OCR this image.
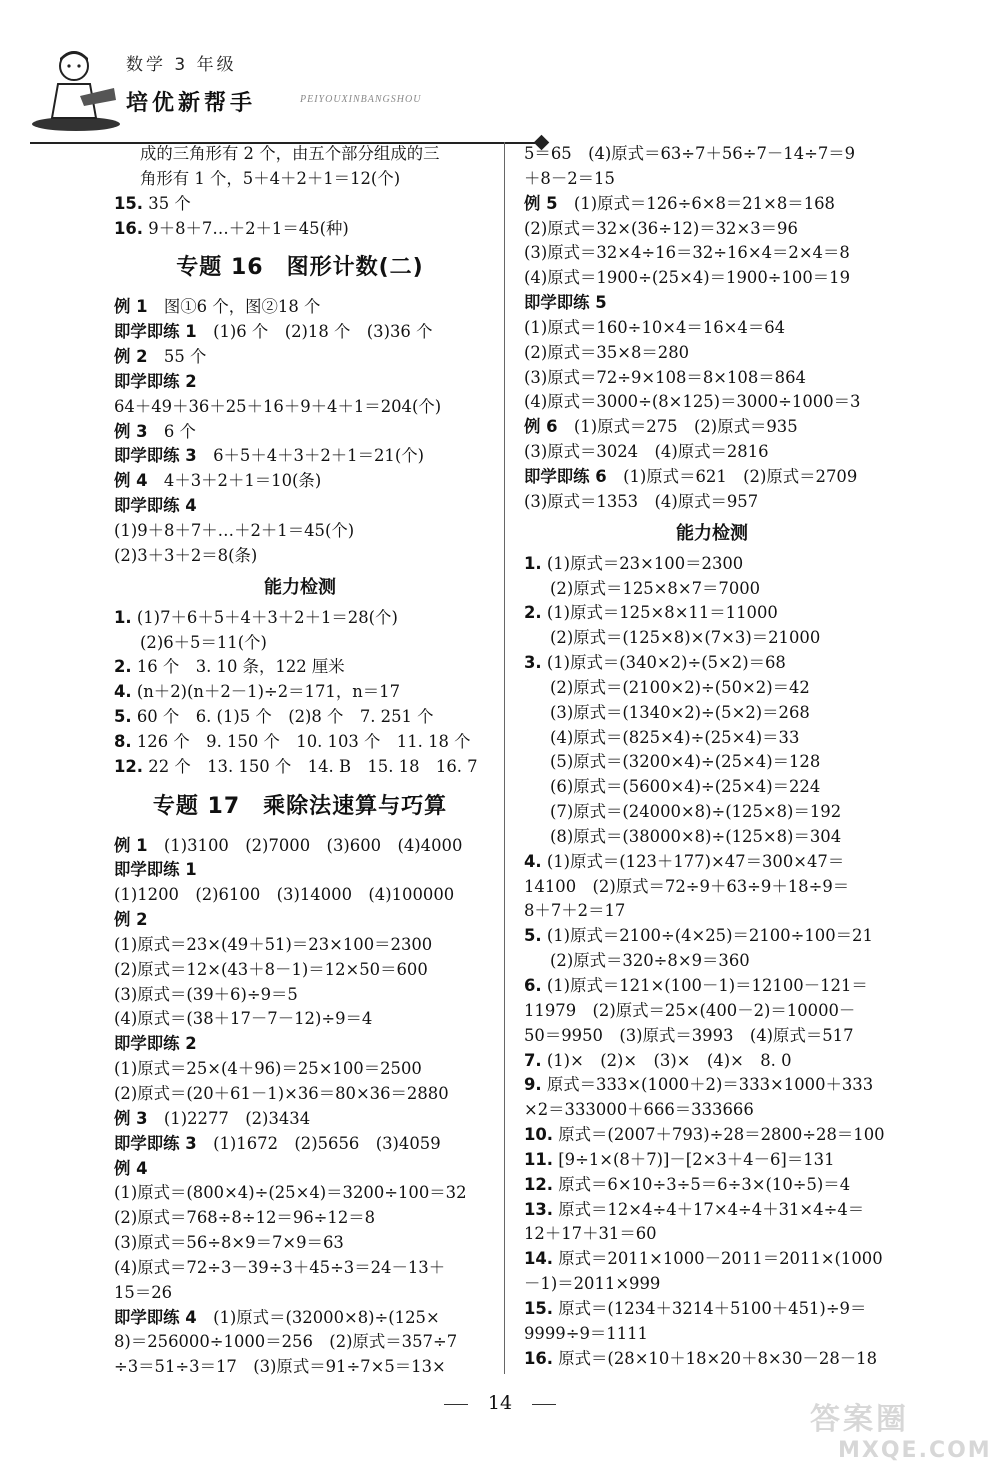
数学 3 年级
培优新帮手	PEIYOUXINBANGSHOU
成的三角形有 2 个，由五个部分组成的三
角形有 1 个，5＋4＋2＋1＝12(个)
15. 35 个
16. 9＋8＋7…＋2＋1＝45(种)
专题 16　图形计数(二)
例 1　 图①6 个，图②18 个
即学即练 1　 (1)6 个　(2)18 个　(3)36 个
例 2　 55 个
即学即练 2　
64＋49＋36＋25＋16＋9＋4＋1＝204(个)
例 3　 6 个
即学即练 3　 6＋5＋4＋3＋2＋1＝21(个)
例 4　 4＋3＋2＋1＝10(条)
即学即练 4　
(1)9＋8＋7＋…＋2＋1＝45(个)
(2)3＋3＋2＝8(条)
能力检测
1. (1)7＋6＋5＋4＋3＋2＋1＝28(个)
(2)6＋5＝11(个)
2. 16 个　3. 10 条，122 厘米
4. (n＋2)(n＋2－1)÷2＝171，n＝17
5. 60 个　6. (1)5 个　(2)8 个　7. 251 个
8. 126 个　9. 150 个　10. 103 个　11. 18 个
12. 22 个　13. 150 个　14. B　15. 18　16. 7
专题 17　乘除法速算与巧算
例 1　 (1)3100　(2)7000　(3)600　(4)4000
即学即练 1　
(1)1200　(2)6100　(3)14000　(4)100000
例 2　
(1)原式＝23×(49＋51)＝23×100＝2300
(2)原式＝12×(43＋8－1)＝12×50＝600
(3)原式＝(39＋6)÷9＝5
(4)原式＝(38＋17－7－12)÷9＝4
即学即练 2　
(1)原式＝25×(4＋96)＝25×100＝2500
(2)原式＝(20＋61－1)×36＝80×36＝2880
例 3　 (1)2277　(2)3434
即学即练 3　 (1)1672　(2)5656　(3)4059
例 4　
(1)原式＝(800×4)÷(25×4)＝3200÷100＝32
(2)原式＝768÷8÷12＝96÷12＝8
(3)原式＝56÷8×9＝7×9＝63
(4)原式＝72÷3－39÷3＋45÷3＝24－13＋
15＝26
即学即练 4　 (1)原式＝(32000×8)÷(125×
8)＝256000÷1000＝256　(2)原式＝357÷7
÷3＝51÷3＝17　(3)原式＝91÷7×5＝13×
5＝65　(4)原式＝63÷7＋56÷7－14÷7＝9
＋8－2＝15
例 5　 (1)原式＝126÷6×8＝21×8＝168
(2)原式＝32×(36÷12)＝32×3＝96
(3)原式＝32×4÷16＝32÷16×4＝2×4＝8
(4)原式＝1900÷(25×4)＝1900÷100＝19
即学即练 5　
(1)原式＝160÷10×4＝16×4＝64
(2)原式＝35×8＝280
(3)原式＝72÷9×108＝8×108＝864
(4)原式＝3000÷(8×125)＝3000÷1000＝3
例 6　 (1)原式＝275　(2)原式＝935
(3)原式＝3024　(4)原式＝2816
即学即练 6　 (1)原式＝621　(2)原式＝2709
(3)原式＝1353　(4)原式＝957
能力检测
1. (1)原式＝23×100＝2300
(2)原式＝125×8×7＝7000
2. (1)原式＝125×8×11＝11000
(2)原式＝(125×8)×(7×3)＝21000
3. (1)原式＝(340×2)÷(5×2)＝68
(2)原式＝(2100×2)÷(50×2)＝42
(3)原式＝(1340×2)÷(5×2)＝268
(4)原式＝(825×4)÷(25×4)＝33
(5)原式＝(3200×4)÷(25×4)＝128
(6)原式＝(5600×4)÷(25×4)＝224
(7)原式＝(24000×8)÷(125×8)＝192
(8)原式＝(38000×8)÷(125×8)＝304
4. (1)原式＝(123＋177)×47＝300×47＝
14100　(2)原式＝72÷9＋63÷9＋18÷9＝
8＋7＋2＝17
5. (1)原式＝2100÷(4×25)＝2100÷100＝21
(2)原式＝320÷8×9＝360
6. (1)原式＝121×(100－1)＝12100－121＝
11979　(2)原式＝25×(400－2)＝10000－
50＝9950　(3)原式＝3993　(4)原式＝517
7. (1)×　(2)×　(3)×　(4)×　8. 0
9. 原式＝333×(1000＋2)＝333×1000＋333
×2＝333000＋666＝333666
10. 原式＝(2007＋793)÷28＝2800÷28＝100
11. [9÷1×(8＋7)]－[2×3＋4－6]＝131
12. 原式＝6×10÷3÷5＝6÷3×(10÷5)＝4
13. 原式＝12×4÷4＋17×4÷4＋31×4÷4＝
12＋17＋31＝60
14. 原式＝2011×1000－2011＝2011×(1000
－1)＝2011×999
15. 原式＝(1234＋3214＋5100＋451)÷9＝
9999÷9＝1111
16. 原式＝(28×10＋18×20＋8×30－28－18
14	答案圈
MXQE.COM
